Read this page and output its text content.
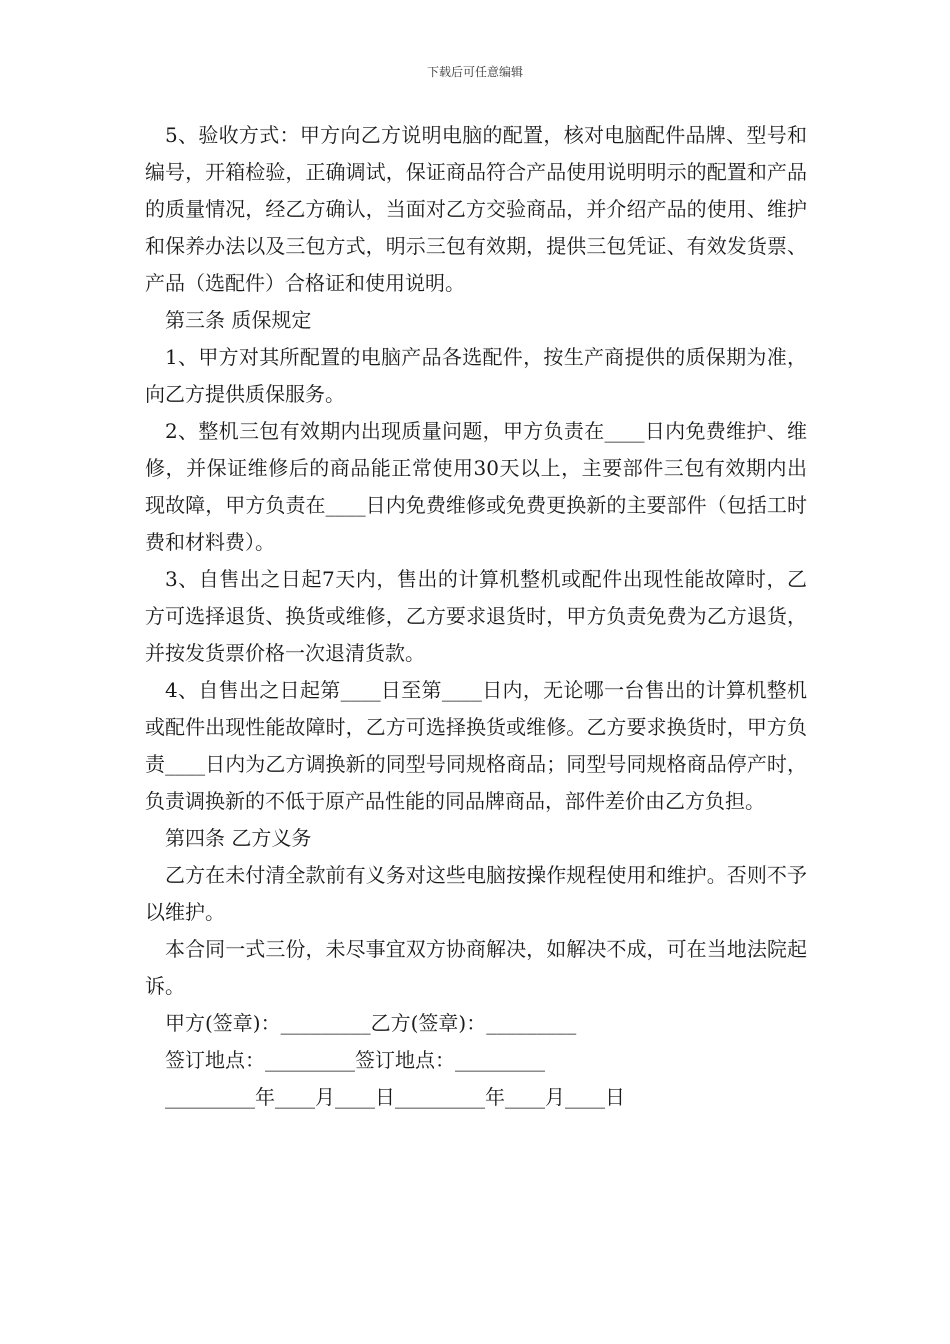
下载后可任意编辑

5、验收方式：甲方向乙方说明电脑的配置，核对电脑配件品牌、型号和编号，开箱检验，正确调试，保证商品符合产品使用说明明示的配置和产品的质量情况，经乙方确认，当面对乙方交验商品，并介绍产品的使用、维护和保养办法以及三包方式，明示三包有效期，提供三包凭证、有效发货票、产品（选配件）合格证和使用说明。

第三条 质保规定

1、甲方对其所配置的电脑产品各选配件，按生产商提供的质保期为准，向乙方提供质保服务。

2、整机三包有效期内出现质量问题，甲方负责在____日内免费维护、维修，并保证维修后的商品能正常使用30天以上，主要部件三包有效期内出现故障，甲方负责在____日内免费维修或免费更换新的主要部件（包括工时费和材料费）。

3、自售出之日起7天内，售出的计算机整机或配件出现性能故障时，乙方可选择退货、换货或维修，乙方要求退货时，甲方负责免费为乙方退货，并按发货票价格一次退清货款。

4、自售出之日起第____日至第____日内，无论哪一台售出的计算机整机或配件出现性能故障时，乙方可选择换货或维修。乙方要求换货时，甲方负责____日内为乙方调换新的同型号同规格商品；同型号同规格商品停产时，负责调换新的不低于原产品性能的同品牌商品，部件差价由乙方负担。

第四条 乙方义务

乙方在未付清全款前有义务对这些电脑按操作规程使用和维护。否则不予以维护。

本合同一式三份，未尽事宜双方协商解决，如解决不成，可在当地法院起诉。

甲方(签章)：_________乙方(签章)：_________

签订地点：_________签订地点：_________

_________年____月____日_________年____月____日
